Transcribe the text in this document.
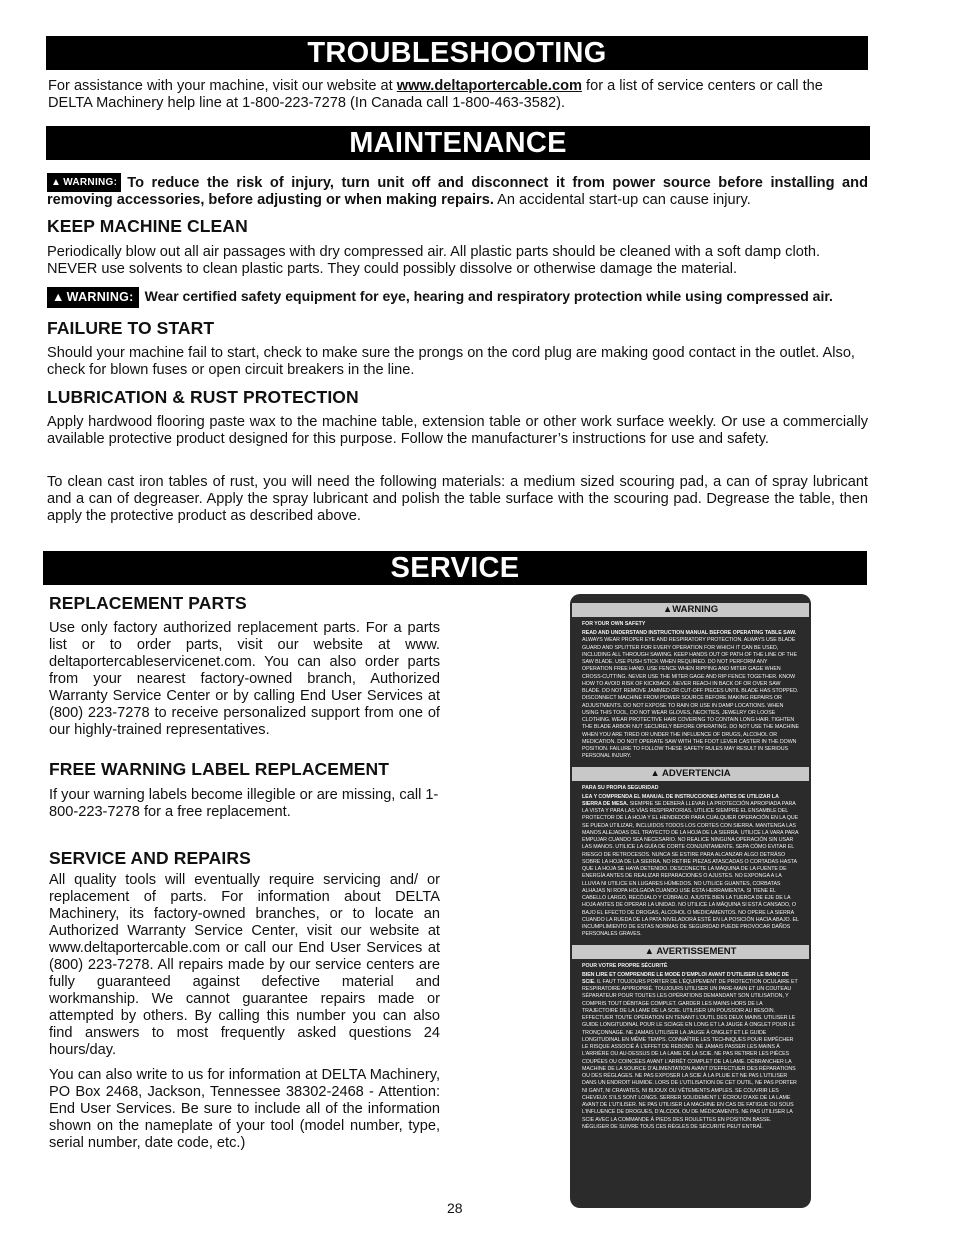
TROUBLESHOOTING

For assistance with your machine, visit our website at www.deltaportercable.com for a list of service centers or call the DELTA Machinery help line at 1-800-223-7278 (In Canada call 1-800-463-3582).

MAINTENANCE

▲ WARNING: To reduce the risk of injury, turn unit off and disconnect it from power source before installing and removing accessories, before adjusting or when making repairs. An accidental start-up can cause injury.

KEEP MACHINE CLEAN

Periodically blow out all air passages with dry compressed air. All plastic parts should be cleaned with a soft damp cloth. NEVER use solvents to clean plastic parts. They could possibly dissolve or otherwise damage the material.

▲ WARNING: Wear certified safety equipment for eye, hearing and respiratory protection while using compressed air.

FAILURE TO START

Should your machine fail to start, check to make sure the prongs on the cord plug are making good contact in the outlet. Also, check for blown fuses or open circuit breakers in the line.

LUBRICATION & RUST PROTECTION

Apply hardwood flooring paste wax to the machine table, extension table or other work surface weekly. Or use a commercially available protective product designed for this purpose. Follow the manufacturer’s instructions for use and safety.

To clean cast iron tables of rust, you will need the following materials: a medium sized scouring pad, a can of spray lubricant and a can of degreaser. Apply the spray lubricant and polish the table surface with the scouring pad. Degrease the table, then apply the protective product as described above.

SERVICE
REPLACEMENT PARTS

Use only factory authorized replacement parts. For a parts list or to order parts, visit our website at www. deltaportercableservicenet.com. You can also order parts from your nearest factory-owned branch, Authorized Warranty Service Center or by calling End User Services at (800) 223-7278 to receive personalized support from one of our highly-trained representatives.

FREE WARNING LABEL REPLACEMENT

If your warning labels become illegible or are missing, call 1-800-223-7278 for a free replacement.

SERVICE AND REPAIRS

All quality tools will eventually require servicing and/ or replacement of parts. For information about DELTA Machinery, its factory-owned branches, or to locate an Authorized Warranty Service Center, visit our website at www.deltaportercable.com or call our End User Services at (800) 223-7278. All repairs made by our service centers are fully guaranteed against defective material and workmanship. We cannot guarantee repairs made or attempted by others. By calling this number you can also find answers to most frequently asked questions 24 hours/day.

You can also write to us for information at DELTA Machinery, PO Box 2468, Jackson, Tennessee 38302-2468 - Attention: End User Services. Be sure to include all of the information shown on the nameplate of your tool (model number, type, serial number, date code, etc.)

▲WARNING
FOR YOUR OWN SAFETY

READ AND UNDERSTAND INSTRUCTION MANUAL BEFORE OPERATING TABLE SAW. ALWAYS WEAR PROPER EYE AND RESPIRATORY PROTECTION. ALWAYS USE BLADE GUARD AND SPLITTER FOR EVERY OPERATION FOR WHICH IT CAN BE USED, INCLUDING ALL THROUGH SAWING. KEEP HANDS OUT OF PATH OF THE LINE OF THE SAW BLADE. USE PUSH STICK WHEN REQUIRED. DO NOT PERFORM ANY OPERATION FREE HAND. USE FENCE WHEN RIPPING AND MITER GAGE WHEN CROSS-CUTTING. NEVER USE THE MITER GAGE AND RIP FENCE TOGETHER. KNOW HOW TO AVOID RISK OF KICKBACK. NEVER REACH IN BACK OF OR OVER SAW BLADE. DO NOT REMOVE JAMMED OR CUT-OFF PIECES UNTIL BLADE HAS STOPPED. DISCONNECT MACHINE FROM POWER SOURCE BEFORE MAKING REPAIRS OR ADJUSTMENTS. DO NOT EXPOSE TO RAIN OR USE IN DAMP LOCATIONS. WHEN USING THIS TOOL, DO NOT WEAR GLOVES, NECKTIES, JEWELRY OR LOOSE CLOTHING. WEAR PROTECTIVE HAIR COVERING TO CONTAIN LONG HAIR. TIGHTEN THE BLADE ARBOR NUT SECURELY BEFORE OPERATING. DO NOT USE THE MACHINE WHEN YOU ARE TIRED OR UNDER THE INFLUENCE OF DRUGS, ALCOHOL OR MEDICATION. DO NOT OPERATE SAW WITH THE FOOT LEVER CASTER IN THE DOWN POSITION. FAILURE TO FOLLOW THESE SAFETY RULES MAY RESULT IN SERIOUS PERSONAL INJURY.

▲ ADVERTENCIA
PARA SU PROPIA SEGURIDAD

LEA Y COMPRENDA EL MANUAL DE INSTRUCCIONES ANTES DE UTILIZAR LA SIERRA DE MESA. SIEMPRE SE DEBERÁ LLEVAR LA PROTECCIÓN APROPIADA PARA LA VISTA Y PARA LAS VÍAS RESPIRATORIAS. UTILICE SIEMPRE EL ENSAMBLE DEL PROTECTOR DE LA HOJA Y EL HENDEDOR PARA CUALQUIER OPERACIÓN EN LA QUE SE PUEDA UTILIZAR, INCLUIDOS TODOS LOS CORTES CON SIERRA. MANTENGA LAS MANOS ALEJADAS DEL TRAYECTO DE LA HOJA DE LA SIERRA. UTILICE LA VARA PARA EMPUJAR CUANDO SEA NECESARIO. NO REALICE NINGUNA OPERACIÓN SIN USAR LAS MANOS. UTILICE LA GUÍA DE CORTE CONJUNTAMENTE. SEPA CÓMO EVITAR EL RIESGO DE RETROCESOS. NUNCA SE ESTIRE PARA ALCANZAR ALGO DETRÁSO SOBRE LA HOJA DE LA SIERRA. NO RETIRE PIEZAS ATASCADAS O CORTADAS HASTA QUE LA HOJA SE HAYA DETENIDO. DESCONECTE LA MÁQUINA DE LA FUENTE DE ENERGÍA ANTES DE REALIZAR REPARACIONES O AJUSTES. NO EXPONGA A LA LLUVIA NI UTILICE EN LUGARES HÚMEDOS. NO UTILICE GUANTES, CORBATAS ALHAJAS NI ROPA HOLGADA CUANDO USE ESTA HERRAMIENTA. SI TIENE EL CABELLO LARGO, RECÓJALO Y CÚBRALO. AJUSTE BIEN LA TUERCA DE EJE DE LA HOJA ANTES DE OPERAR LA UNIDAD. NO UTILICE LA MÁQUINA SI ESTÁ CANSADO, O BAJO EL EFECTO DE DROGAS, ALCOHOL O MEDICAMENTOS. NO OPERE LA SIERRA CUANDO LA RUEDA DE LA PATA NIVELADORA ESTÉ EN LA POSICIÓN HACIA ABAJO. EL INCUMPLIMIENTO DE ESTAS NORMAS DE SEGURIDAD PUEDE PROVOCAR DAÑOS PERSONALES GRAVES.

▲ AVERTISSEMENT
POUR VOTRE PROPRE SÉCURITÉ

BIEN LIRE ET COMPRENDRE LE MODE D’EMPLOI AVANT D’UTILISER LE BANC DE SCIE. IL FAUT TOUJOURS PORTER DE L’ÉQUIPEMENT DE PROTECTION OCULAIRE ET RESPIRATOIRE APPROPRIÉ. TOUJOURS UTILISER UN PARE-MAIN ET UN COUTEAU SÉPARATEUR POUR TOUTES LES OPÉRATIONS DEMANDANT SON UTILISATION, Y COMPRIS TOUT DÉBITAGE COMPLET. GARDER LES MAINS HORS DE LA TRAJECTOIRE DE LA LAME DE LA SCIE. UTILISER UN POUSSOIR AU BESOIN. EFFECTUER TOUTE OPÉRATION EN TENANT L’OUTIL DES DEUX MAINS. UTILISER LE GUIDE LONGITUDINAL POUR LE SCIAGE EN LONG ET LA JAUGE À ONGLET POUR LE TRONÇONNAGE. NE JAMAIS UTILISER LA JAUGE À ONGLET ET LE GUIDE LONGITUDINAL EN MÊME TEMPS. CONNAÎTRE LES TECHNIQUES POUR EMPÊCHER LE RISQUE ASSOCIÉ À L’EFFET DE REBOND. NE JAMAIS PASSER LES MAINS À L’ARRIÈRE OU AU-DESSUS DE LA LAME DE LA SCIE. NE PAS RETIRER LES PIÈCES COUPÉES OU COINCÉES AVANT L’ARRÊT COMPLET DE LA LAME. DÉBRANCHER LA MACHINE DE LA SOURCE D’ALIMENTATION AVANT D’EFFECTUER DES RÉPARATIONS OU DES RÉGLAGES. NE PAS EXPOSER LA SCIE À LA PLUIE ET NE PAS L’UTILISER DANS UN ENDROIT HUMIDE. LORS DE L’UTILISATION DE CET OUTIL, NE PAS PORTER NI GANT, NI CRAVATES, NI BIJOUX OU VÊTEMENTS AMPLES. SE COUVRIR LES CHEVEUX S’ILS SONT LONGS. SERRER SOLIDEMENT L’ ÉCROU D’AXE DE LA LAME AVANT DE L’UTILISER. NE PAS UTILISER LA MACHINE EN CAS DE FATIGUE OU SOUS L’INFLUENCE DE DROGUES, D’ALCOOL OU DE MÉDICAMENTS. NE PAS UTILISER LA SCIE AVEC LA COMMANDE À PIEDS DES ROULETTES EN POSITION BASSE. NÉGLIGER DE SUIVRE TOUS CES RÈGLES DE SÉCURITÉ PEUT ENTRAÎ.

28
